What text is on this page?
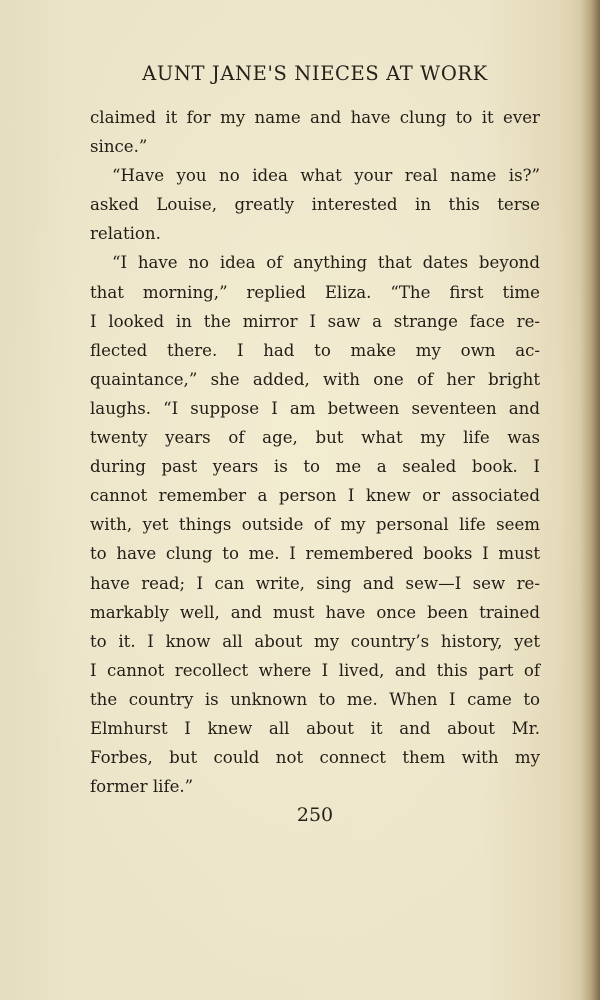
AUNT JANE'S NIECES AT WORK
claimed it for my name and have clung to it ever
since.”
“Have you no idea what your real name is?”
asked Louise, greatly interested in this terse
relation.
“I have no idea of anything that dates beyond
that morning,” replied Eliza. “The first time
I looked in the mirror I saw a strange face re-
flected there. I had to make my own ac-
quaintance,” she added, with one of her bright
laughs. “I suppose I am between seventeen and
twenty years of age, but what my life was
during past years is to me a sealed book. I
cannot remember a person I knew or associated
with, yet things outside of my personal life seem
to have clung to me. I remembered books I must
have read; I can write, sing and sew—I sew re-
markably well, and must have once been trained
to it. I know all about my country’s history, yet
I cannot recollect where I lived, and this part of
the country is unknown to me. When I came to
Elmhurst I knew all about it and about Mr.
Forbes, but could not connect them with my
former life.”
250
